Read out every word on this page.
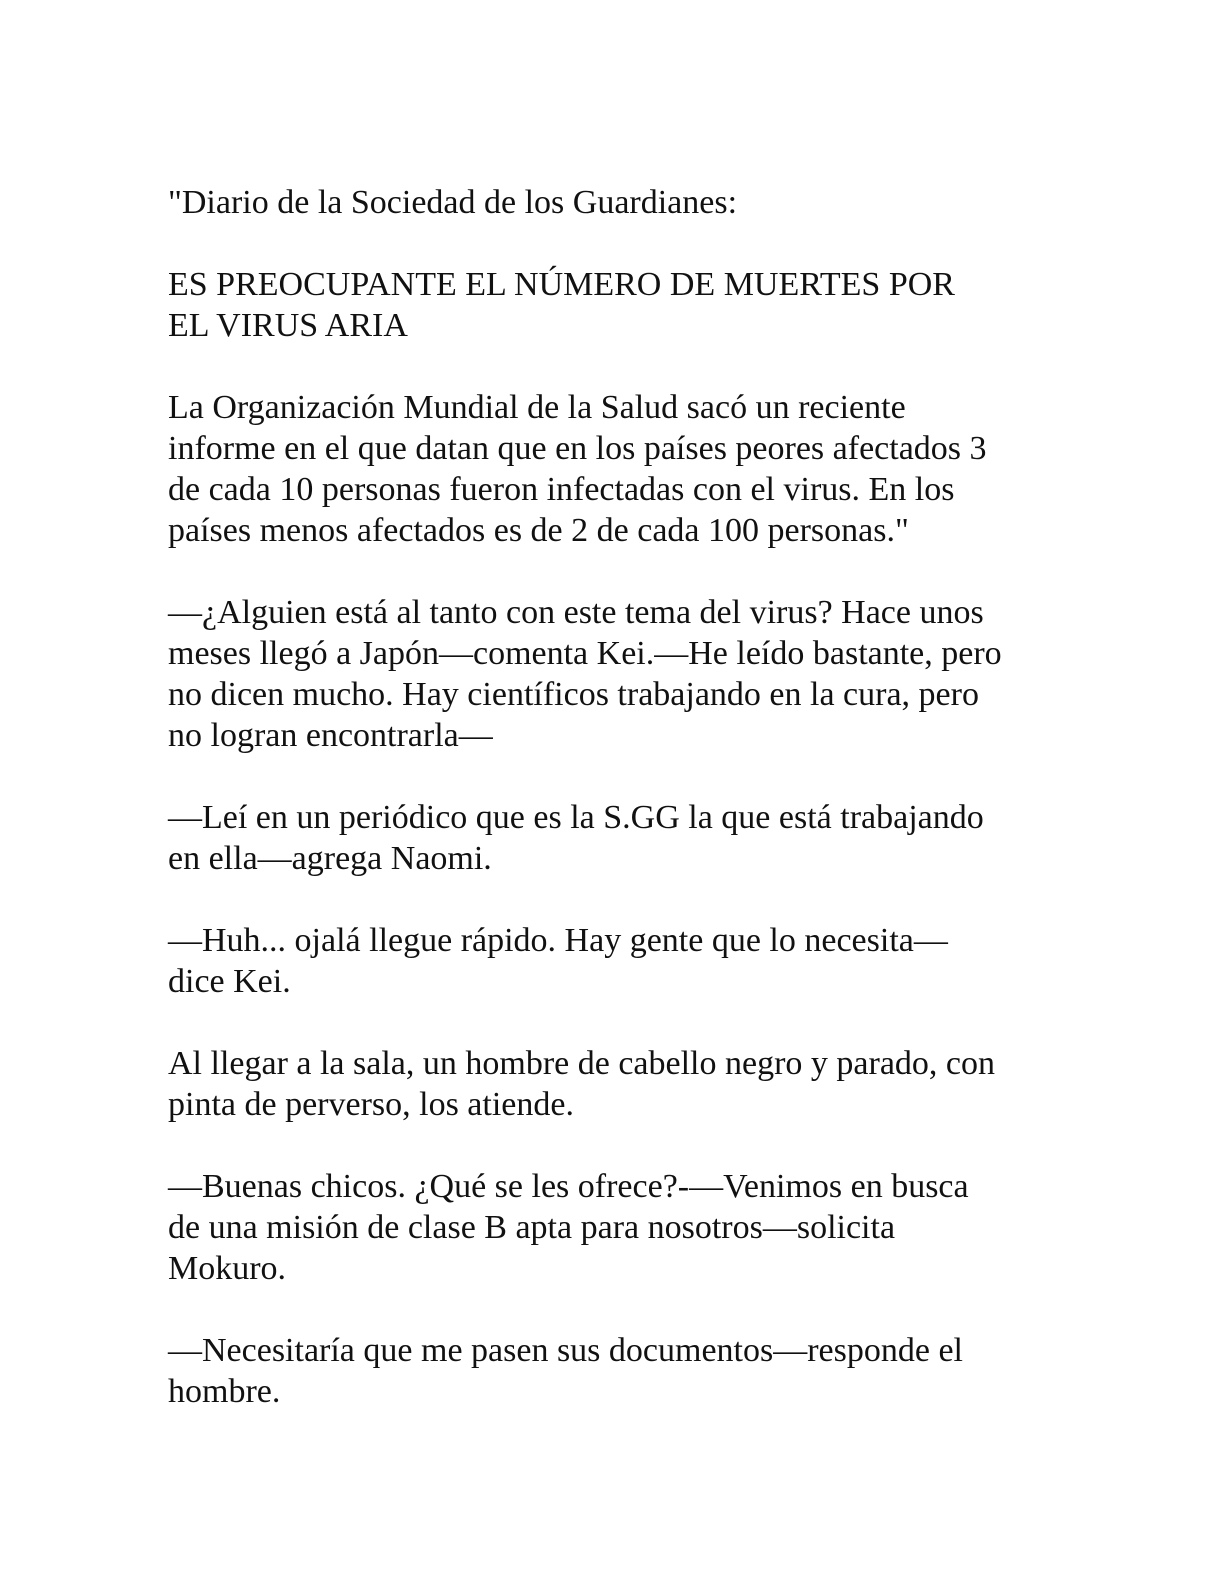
"Diario de la Sociedad de los Guardianes:

ES PREOCUPANTE EL NÚMERO DE MUERTES POR
EL VIRUS ARIA

La Organización Mundial de la Salud sacó un reciente
informe en el que datan que en los países peores afectados 3
de cada 10 personas fueron infectadas con el virus. En los
países menos afectados es de 2 de cada 100 personas."

—¿Alguien está al tanto con este tema del virus? Hace unos
meses llegó a Japón—comenta Kei.—He leído bastante, pero
no dicen mucho. Hay científicos trabajando en la cura, pero
no logran encontrarla—

—Leí en un periódico que es la S.GG la que está trabajando
en ella—agrega Naomi.

—Huh... ojalá llegue rápido. Hay gente que lo necesita—
dice Kei.

Al llegar a la sala, un hombre de cabello negro y parado, con
pinta de perverso, los atiende.

—Buenas chicos. ¿Qué se les ofrece?-—Venimos en busca
de una misión de clase B apta para nosotros—solicita
Mokuro.

—Necesitaría que me pasen sus documentos—responde el
hombre.
